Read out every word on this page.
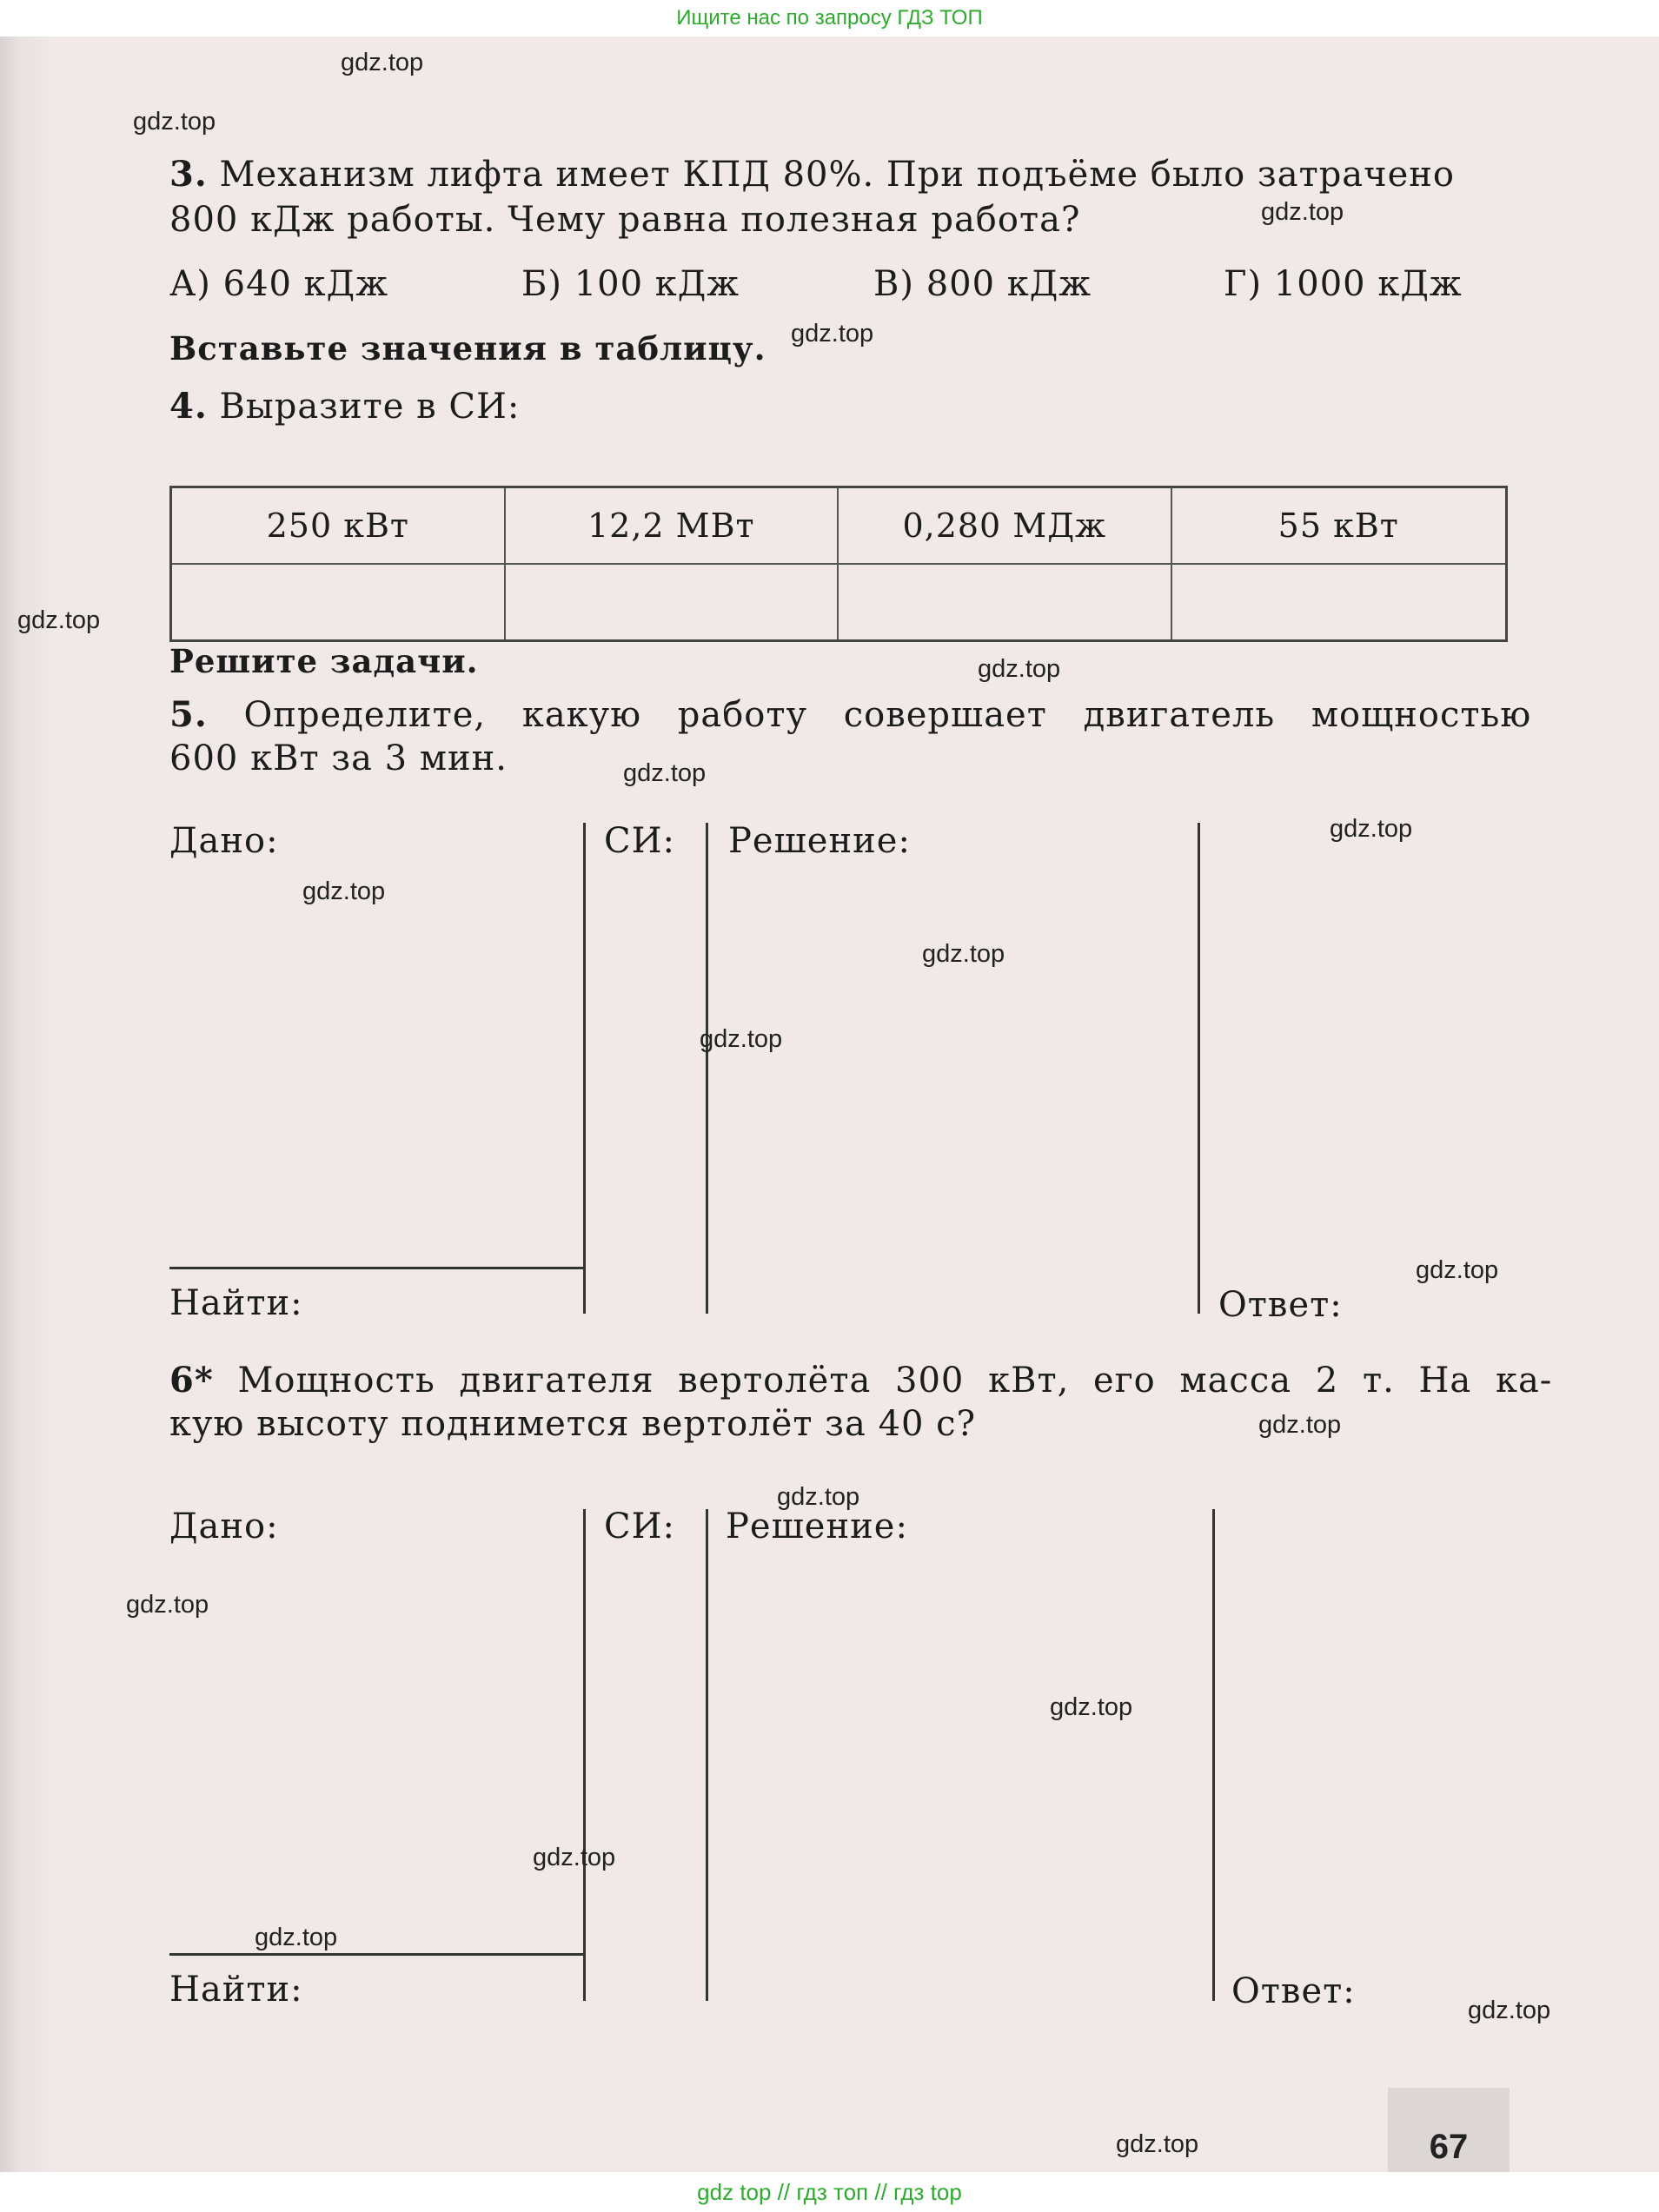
Ищите нас по запросу ГДЗ ТОП

3. Механизм лифта имеет КПД 80%. При подъёме было затрачено

800 кДж работы. Чему равна полезная работа?

А) 640 кДж	Б) 100 кДж	В) 800 кДж	Г) 1000 кДж

Вставьте значения в таблицу.

4. Выразите в СИ:

250 кВт	12,2 МВт	0,280 МДж	55 кВт

Решите задачи.

5. Определите, какую работу совершает двигатель мощностью

600 кВт за 3 мин.

Дано:	СИ: Решение:

Найти:	Ответ:

6* Мощность двигателя вертолёта 300 кВт, его масса 2 т. На ка-

кую высоту поднимется вертолёт за 40 с?

Дано:	СИ: Решение:

Найти:	Ответ:

67
gdz.top
gdz.top
gdz.top
gdz.top
gdz.top
gdz.top
gdz.top
gdz.top
gdz.top
gdz.top
gdz.top
gdz.top
gdz.top
gdz.top
gdz.top
gdz.top
gdz.top
gdz.top
gdz.top
gdz.top
gdz top // гдз топ // гдз top
